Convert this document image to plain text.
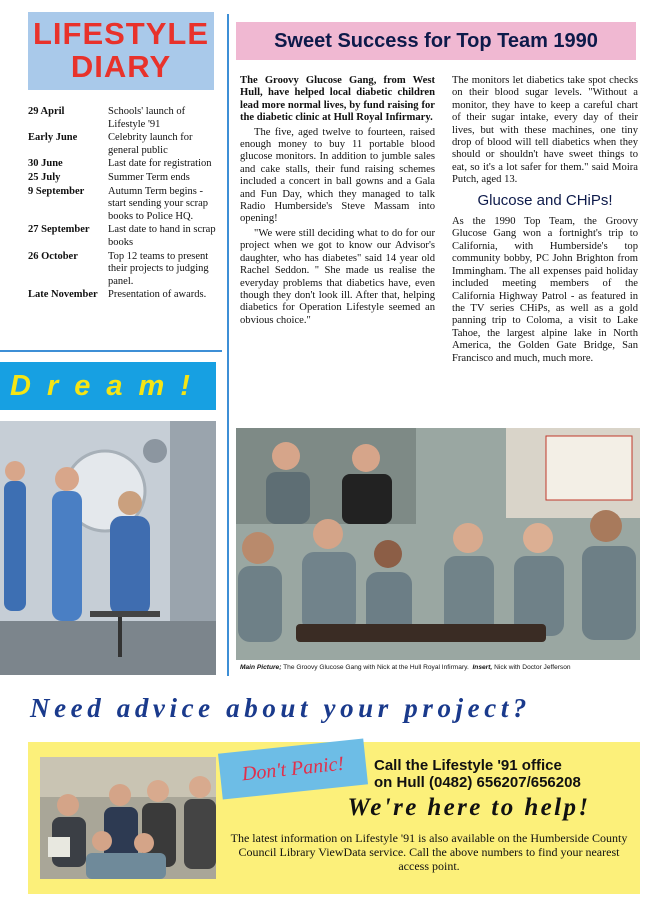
LIFESTYLE
DIARY
29 April	Schools' launch of Lifestyle '91
Early June	Celebrity launch for general public
30 June	Last date for registration
25 July	Summer Term ends
9 September	Autumn Term begins - start sending your scrap books to Police HQ.
27 September	Last date to hand in scrap books
26 October	Top 12 teams to present their projects to judging panel.
Late November Presentation of awards.
Dream!
Sweet Success for Top Team 1990

The Groovy Glucose Gang, from West Hull, have helped local diabetic children lead more normal lives, by fund raising for the diabetic clinic at Hull Royal Infirmary.

The five, aged twelve to fourteen, raised enough money to buy 11 portable blood glucose monitors. In addition to jumble sales and cake stalls, their fund raising schemes included a concert in ball gowns and a Gala and Fun Day, which they managed to talk Radio Humberside's Steve Massam into opening!

"We were still deciding what to do for our project when we got to know our Advisor's daughter, who has diabetes" said 14 year old Rachel Seddon. " She made us realise the everyday problems that diabetics have, even though they don't look ill. After that, helping diabetics for Operation Lifestyle seemed an obvious choice."

The monitors let diabetics take spot checks on their blood sugar levels. "Without a monitor, they have to keep a careful chart of their sugar intake, every day of their lives, but with these machines, one tiny drop of blood will tell diabetics when they should or shouldn't have sweet things to eat, so it's a lot safer for them." said Moira Putch, aged 13.

Glucose and CHiPs!

As the 1990 Top Team, the Groovy Glucose Gang won a fortnight's trip to California, with Humberside's top community bobby, PC John Brighton from Immingham. The all expenses paid holiday included meeting members of the California Highway Patrol - as featured in the TV series CHiPs, as well as a gold panning trip to Coloma, a visit to Lake Tahoe, the largest alpine lake in North America, the Golden Gate Bridge, San Francisco and much, much more.

Main Picture; The Groovy Glucose Gang with Nick at the Hull Royal Infirmary. Insert, Nick with Doctor Jefferson
Need advice about your project?
Don't Panic! Call the Lifestyle '91 office
on Hull (0482) 656207/656208
We're here to help!
The latest information on Lifestyle '91 is also available on the Humberside County Council Library ViewData service. Call the above numbers to find your nearest access point.
